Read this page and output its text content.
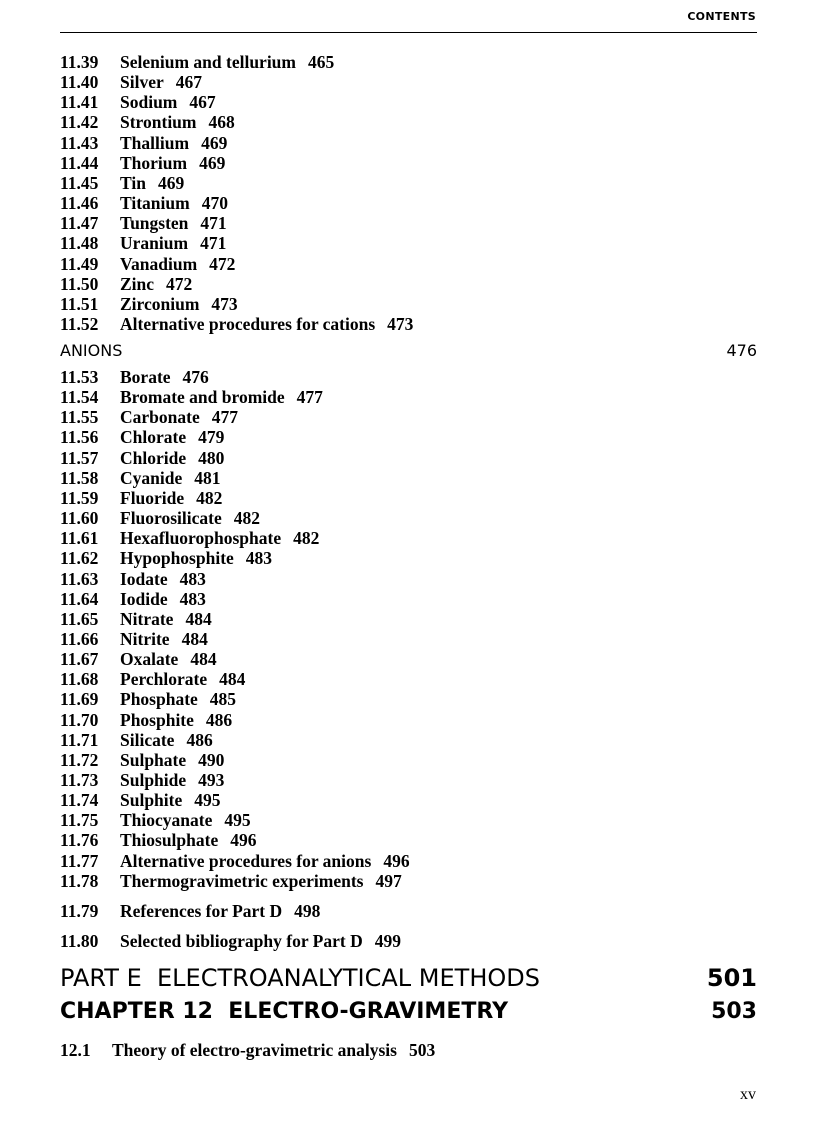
CONTENTS
11.39 Selenium and tellurium 465
11.40 Silver 467
11.41 Sodium 467
11.42 Strontium 468
11.43 Thallium 469
11.44 Thorium 469
11.45 Tin 469
11.46 Titanium 470
11.47 Tungsten 471
11.48 Uranium 471
11.49 Vanadium 472
11.50 Zinc 472
11.51 Zirconium 473
11.52 Alternative procedures for cations 473
ANIONS	476
11.53 Borate 476
11.54 Bromate and bromide 477
11.55 Carbonate 477
11.56 Chlorate 479
11.57 Chloride 480
11.58 Cyanide 481
11.59 Fluoride 482
11.60 Fluorosilicate 482
11.61 Hexafluorophosphate 482
11.62 Hypophosphite 483
11.63 Iodate 483
11.64 Iodide 483
11.65 Nitrate 484
11.66 Nitrite 484
11.67 Oxalate 484
11.68 Perchlorate 484
11.69 Phosphate 485
11.70 Phosphite 486
11.71 Silicate 486
11.72 Sulphate 490
11.73 Sulphide 493
11.74 Sulphite 495
11.75 Thiocyanate 495
11.76 Thiosulphate 496
11.77 Alternative procedures for anions 496
11.78 Thermogravimetric experiments 497
11.79 References for Part D 498
11.80 Selected bibliography for Part D 499
PART E  ELECTROANALYTICAL METHODS	501
CHAPTER 12  ELECTRO-GRAVIMETRY	503
12.1 Theory of electro-gravimetric analysis 503
xv
